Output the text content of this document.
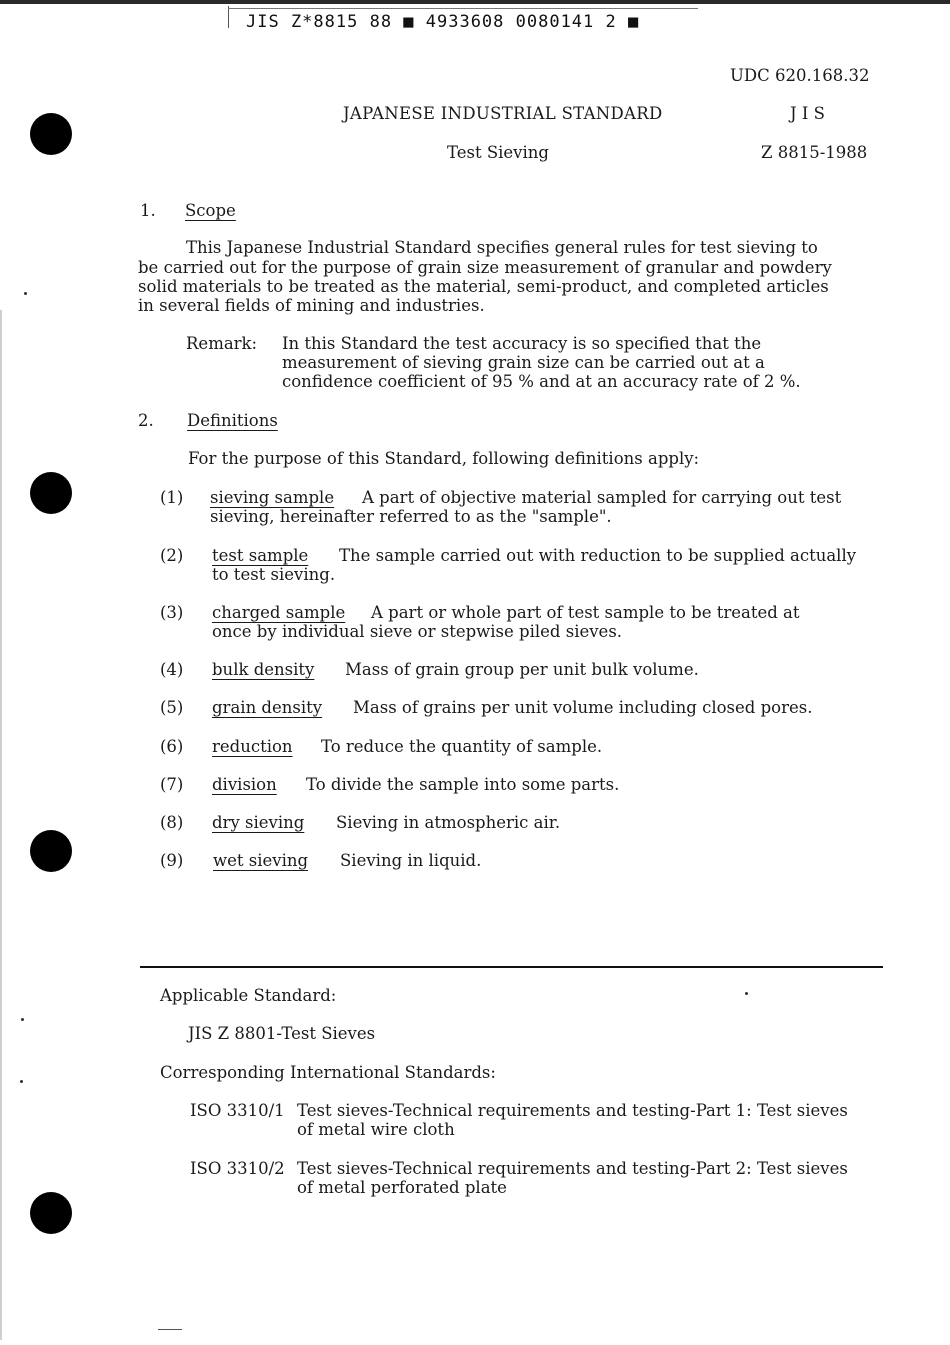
JIS Z*8815 88 ■ 4933608 0080141 2 ■
UDC 620.168.32
JAPANESE INDUSTRIAL STANDARD	J I S
Test Sieving	Z 8815-1988
1. Scope
This Japanese Industrial Standard specifies general rules for test sieving to
be carried out for the purpose of grain size measurement of granular and powdery
solid materials to be treated as the material, semi-product, and completed articles
in several fields of mining and industries.
Remark: In this Standard the test accuracy is so specified that the
measurement of sieving grain size can be carried out at a
confidence coefficient of 95 % and at an accuracy rate of 2 %.
2. Definitions
For the purpose of this Standard, following definitions apply:
(1) sieving sample A part of objective material sampled for carrying out test
sieving, hereinafter referred to as the "sample".
(2) test sample The sample carried out with reduction to be supplied actually
to test sieving.
(3) charged sample A part or whole part of test sample to be treated at
once by individual sieve or stepwise piled sieves.
(4) bulk density Mass of grain group per unit bulk volume.
(5) grain density Mass of grains per unit volume including closed pores.
(6) reduction To reduce the quantity of sample.
(7) division To divide the sample into some parts.
(8) dry sieving Sieving in atmospheric air.
(9) wet sieving Sieving in liquid.
Applicable Standard:
JIS Z 8801-Test Sieves
Corresponding International Standards:
ISO 3310/1 Test sieves-Technical requirements and testing-Part 1: Test sieves
of metal wire cloth
ISO 3310/2 Test sieves-Technical requirements and testing-Part 2: Test sieves
of metal perforated plate
